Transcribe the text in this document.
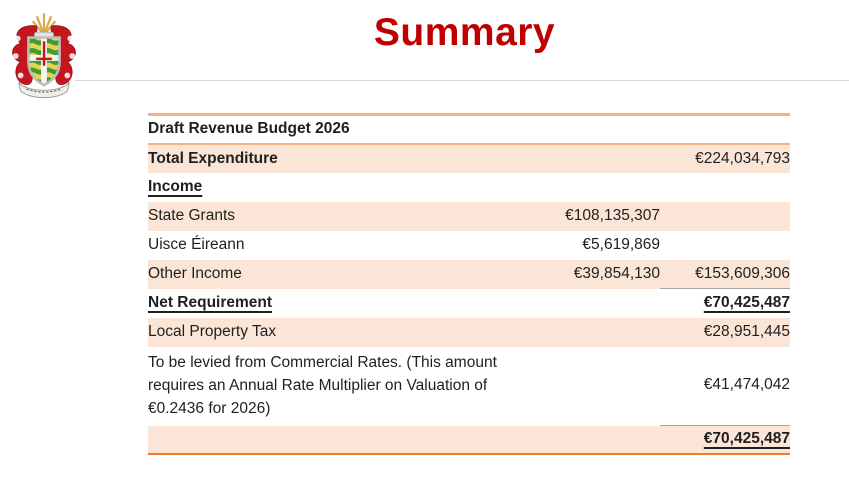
Summary
Draft Revenue Budget 2026		
Total Expenditure		€224,034,793
Income		
State Grants	€108,135,307	
Uisce Éireann	€5,619,869	
Other Income	€39,854,130	€153,609,306
Net Requirement		€70,425,487
Local Property Tax		€28,951,445
To be levied from Commercial Rates. (This amount requires an Annual Rate Multiplier on Valuation of €0.2436 for 2026)		€41,474,042
		€70,425,487
